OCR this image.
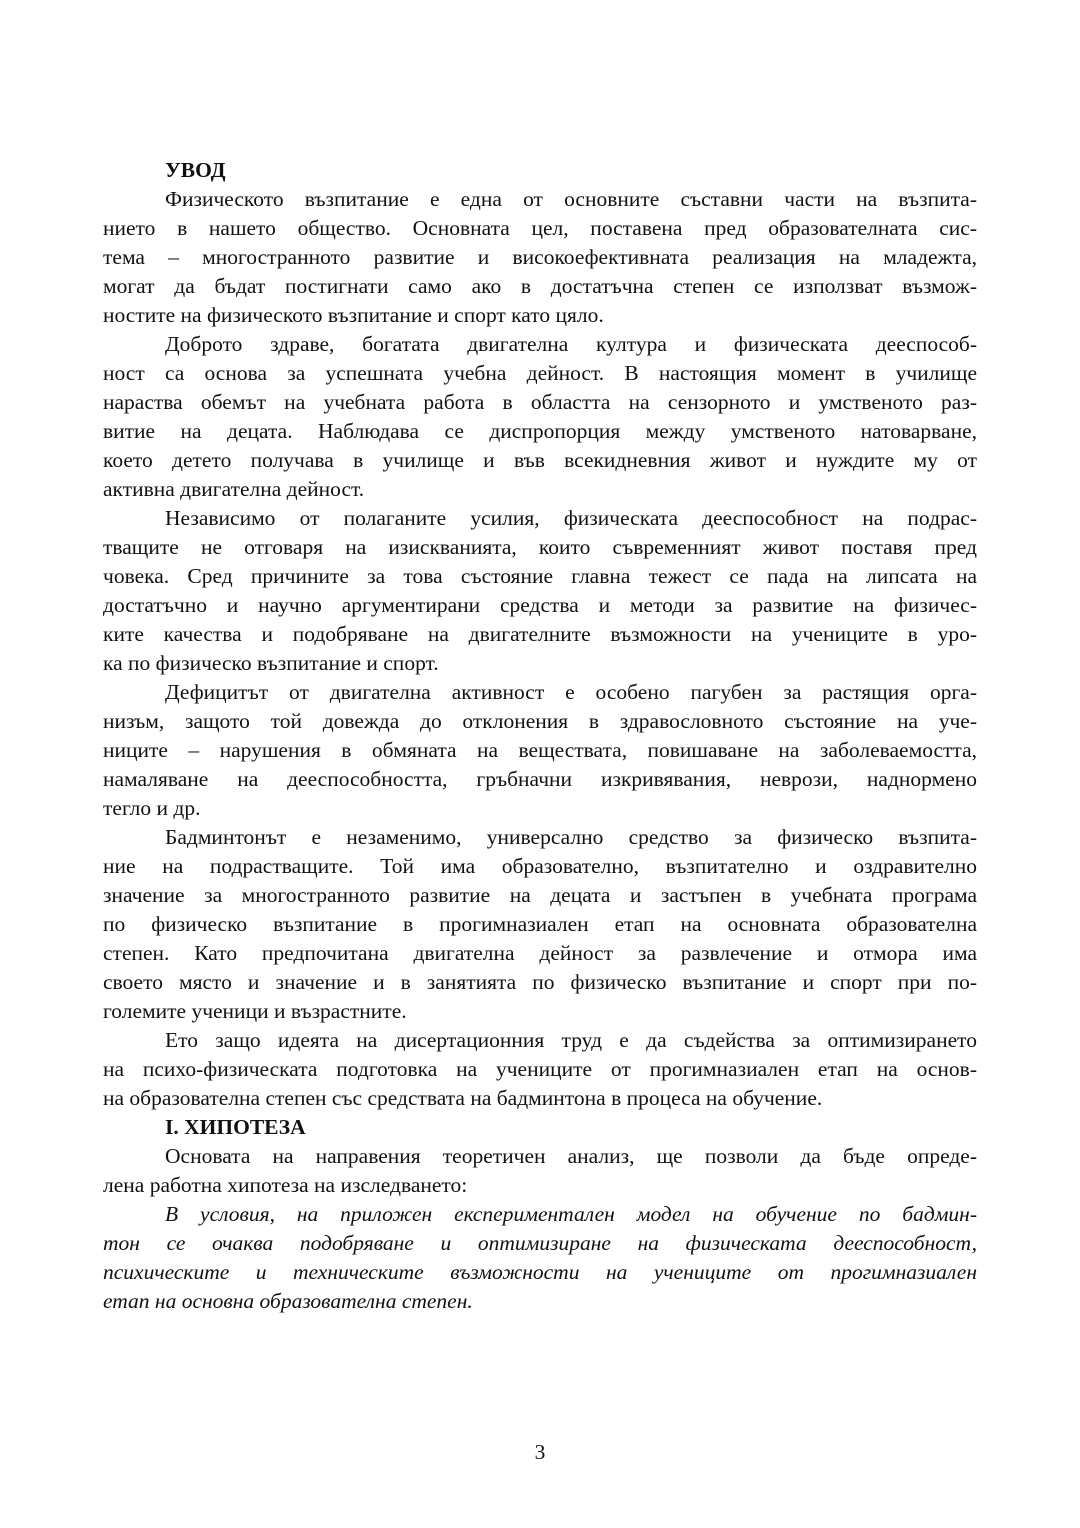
УВОД
Физическото възпитание е една от основните съставни части на възпита-
нието в нашето общество. Основната цел, поставена пред образователната сис-
тема – многостранното развитие и високоефективната реализация на младежта,
могат да бъдат постигнати само ако в достатъчна степен се използват възмож-
ностите на физическото възпитание и спорт като цяло.
Доброто здраве, богатата двигателна култура и физическата дееспособ-
ност са основа за успешната учебна дейност. В настоящия момент в училище
нараства обемът на учебната работа в областта на сензорното и умственото раз-
витие на децата. Наблюдава се диспропорция между умственото натоварване,
което детето получава в училище и във всекидневния живот и нуждите му от
активна двигателна дейност.
Независимо от полаганите усилия, физическата дееспособност на подрас-
тващите не отговаря на изискванията, които съвременният живот поставя пред
човека. Сред причините за това състояние главна тежест се пада на липсата на
достатъчно и научно аргументирани средства и методи за развитие на физичес-
ките качества и подобряване на двигателните възможности на учениците в уро-
ка по физическо възпитание и спорт.
Дефицитът от двигателна активност е особено пагубен за растящия орга-
низъм, защото той довежда до отклонения в здравословното състояние на уче-
ниците – нарушения в обмяната на веществата, повишаване на заболеваемостта,
намаляване на дееспособността, гръбначни изкривявания, неврози, наднормено
тегло и др.
Бадминтонът е незаменимо, универсално средство за физическо възпита-
ние на подрастващите. Той има образователно, възпитателно и оздравително
значение за многостранното развитие на децата и застъпен в учебната програма
по физическо възпитание в прогимназиален етап на основната образователна
степен. Като предпочитана двигателна дейност за развлечение и отмора има
своето място и значение и в занятията по физическо възпитание и спорт при по-
големите ученици и възрастните.
Ето защо идеята на дисертационния труд е да съдейства за оптимизирането
на психо-физическата подготовка на учениците от прогимназиален етап на основ-
на образователна степен със средствата на бадминтона в процеса на обучение.
I. ХИПОТЕЗА
Основата на направения теоретичен анализ, ще позволи да бъде опреде-
лена работна хипотеза на изследването:
В условия, на приложен експериментален модел на обучение по бадмин-
тон се очаква подобряване и оптимизиране на физическата дееспособност,
психическите и техническите възможности на учениците от прогимназиален
етап на основна образователна степен.
3
